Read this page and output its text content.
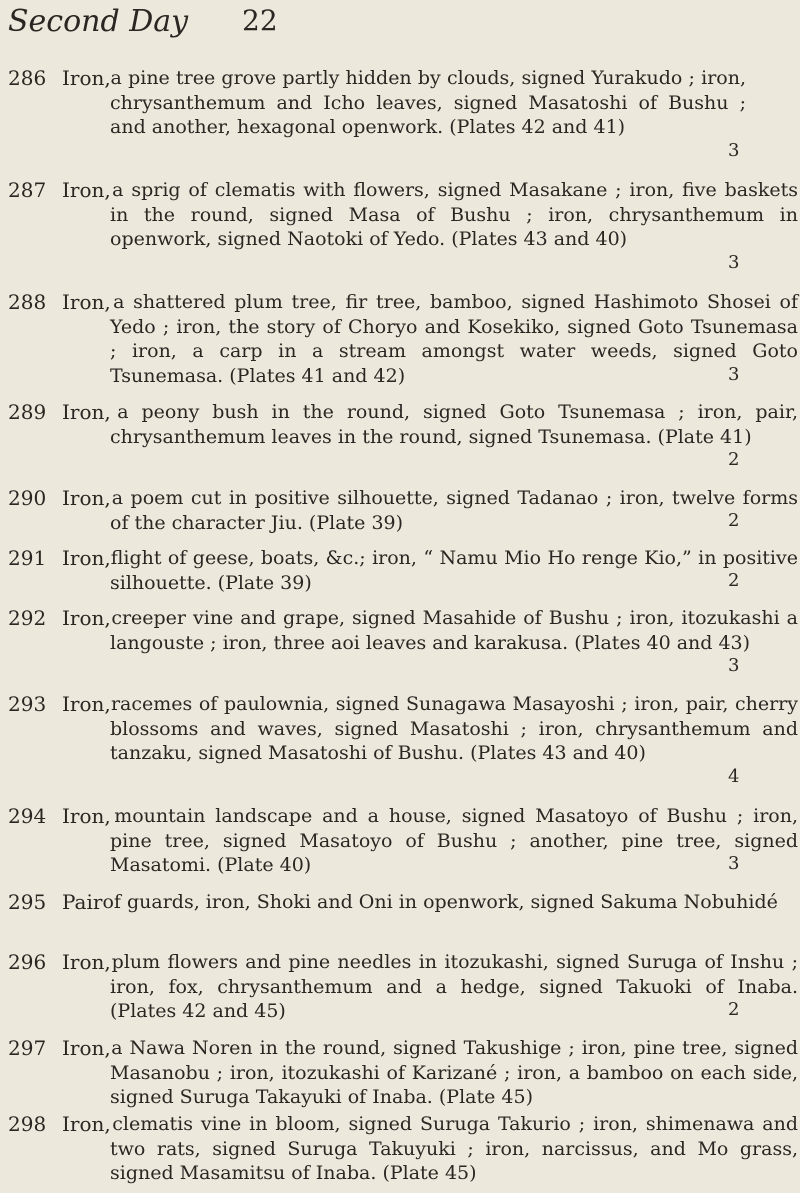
Second Day 22
286 Iron, a pine tree grove partly hidden by clouds, signed Yurakudo ; iron, chrysanthemum and Icho leaves, signed Masatoshi of Bushu ; and another, hexagonal openwork. (Plates 42 and 41)
3
287 Iron, a sprig of clematis with flowers, signed Masakane ; iron, five baskets in the round, signed Masa of Bushu ; iron, chrysanthemum in openwork, signed Naotoki of Yedo. (Plates 43 and 40)
3
288 Iron, a shattered plum tree, fir tree, bamboo, signed Hashimoto Shosei of Yedo ; iron, the story of Choryo and Kosekiko, signed Goto Tsunemasa ; iron, a carp in a stream amongst water weeds, signed Goto Tsunemasa. (Plates 41 and 42)	3
289 Iron, a peony bush in the round, signed Goto Tsunemasa ; iron, pair, chrysanthemum leaves in the round, signed Tsunemasa. (Plate 41)
2
290 Iron, a poem cut in positive silhouette, signed Tadanao ; iron, twelve forms of the character Jiu. (Plate 39)	2
291 Iron, flight of geese, boats, &c.; iron, “ Namu Mio Ho renge Kio,” in positive silhouette. (Plate 39)	2
292 Iron, creeper vine and grape, signed Masahide of Bushu ; iron, itozukashi a langouste ; iron, three aoi leaves and karakusa. (Plates 40 and 43)
3
293 Iron, racemes of paulownia, signed Sunagawa Masayoshi ; iron, pair, cherry blossoms and waves, signed Masatoshi ; iron, chrysanthemum and tanzaku, signed Masatoshi of Bushu. (Plates 43 and 40)
4
294 Iron, mountain landscape and a house, signed Masatoyo of Bushu ; iron, pine tree, signed Masatoyo of Bushu ; another, pine tree, signed Masatomi. (Plate 40)	3
295 Pair of guards, iron, Shoki and Oni in openwork, signed Sakuma Nobuhidé
296 Iron, plum flowers and pine needles in itozukashi, signed Suruga of Inshu ; iron, fox, chrysanthemum and a hedge, signed Takuoki of Inaba. (Plates 42 and 45)	2
297 Iron, a Nawa Noren in the round, signed Takushige ; iron, pine tree, signed Masanobu ; iron, itozukashi of Karizané ; iron, a bamboo on each side, signed Suruga Takayuki of Inaba. (Plate 45)
298 Iron, clematis vine in bloom, signed Suruga Takurio ; iron, shimenawa and two rats, signed Suruga Takuyuki ; iron, narcissus, and Mo grass, signed Masamitsu of Inaba. (Plate 45)
